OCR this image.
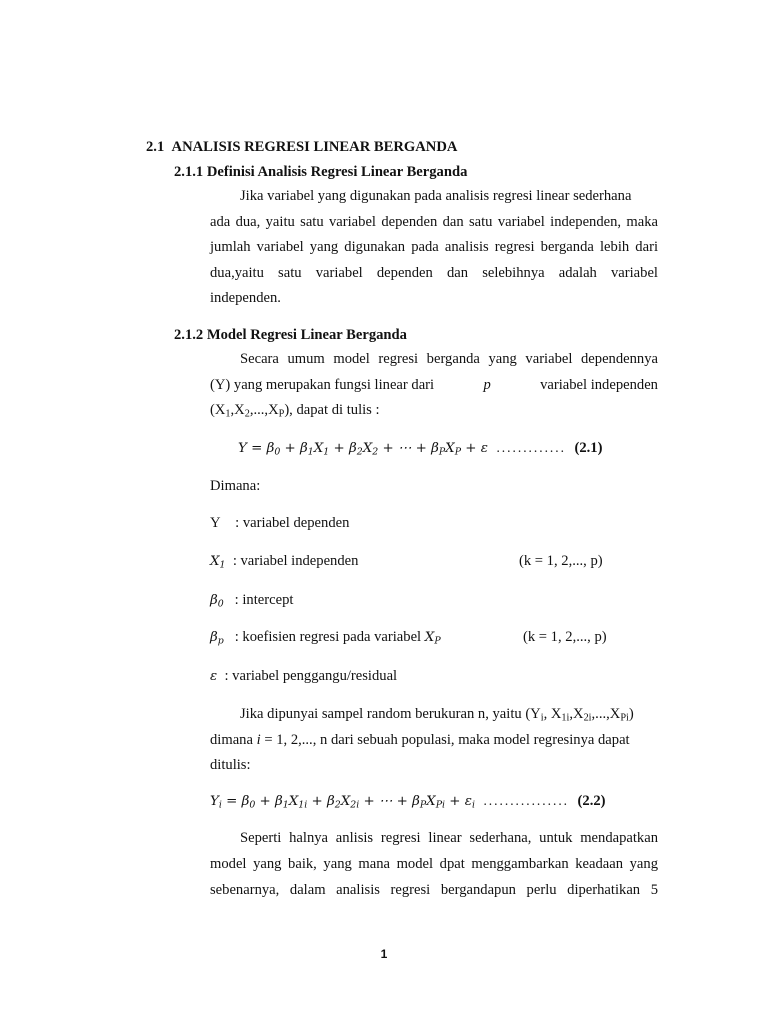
2.1 ANALISIS REGRESI LINEAR BERGANDA
2.1.1 Definisi Analisis Regresi Linear Berganda
Jika variabel yang digunakan pada analisis regresi linear sederhana
ada dua, yaitu satu variabel dependen dan satu variabel independen, maka
jumlah variabel yang digunakan pada analisis regresi berganda lebih dari
dua,yaitu satu variabel dependen dan selebihnya adalah variabel
independen.
2.1.2 Model Regresi Linear Berganda
Secara umum model regresi berganda yang variabel dependennya
(Y) yang merupakan fungsi linear dari	p	variabel independen
$(X_1,X_2,...,X_P)$, dapat di tulis :
$Y = \beta_0 + \beta_1X_1 + \beta_2X_2$ + ⋯ + $\beta_PX_P + \varepsilon$  ............. (2.1)
Dimana:
Y : variabel dependen
$X_1$ : variabel independen	(k = 1, 2,..., p)
$\beta_0$ : intercept
$\beta_p$ : koefisien regresi pada variabel $X_P$	(k = 1, 2,..., p)
ε : variabel penggangu/residual
Jika dipunyai sampel random berukuran n, yaitu ($Y_i$, $X_{1i},X_{2i},...,X_{Pi}$)
dimana i = 1, 2,..., n dari sebuah populasi, maka model regresinya dapat
ditulis:
$Y_i = \beta_0 + \beta_1X_{1i} + \beta_2X_{2i}$ + ⋯ + $\beta_PX_{Pi} + \varepsilon_i$ ................ (2.2)
Seperti halnya anlisis regresi linear sederhana, untuk mendapatkan
model yang baik, yang mana model dpat menggambarkan keadaan yang
sebenarnya, dalam analisis regresi bergandapun perlu diperhatikan 5
1
